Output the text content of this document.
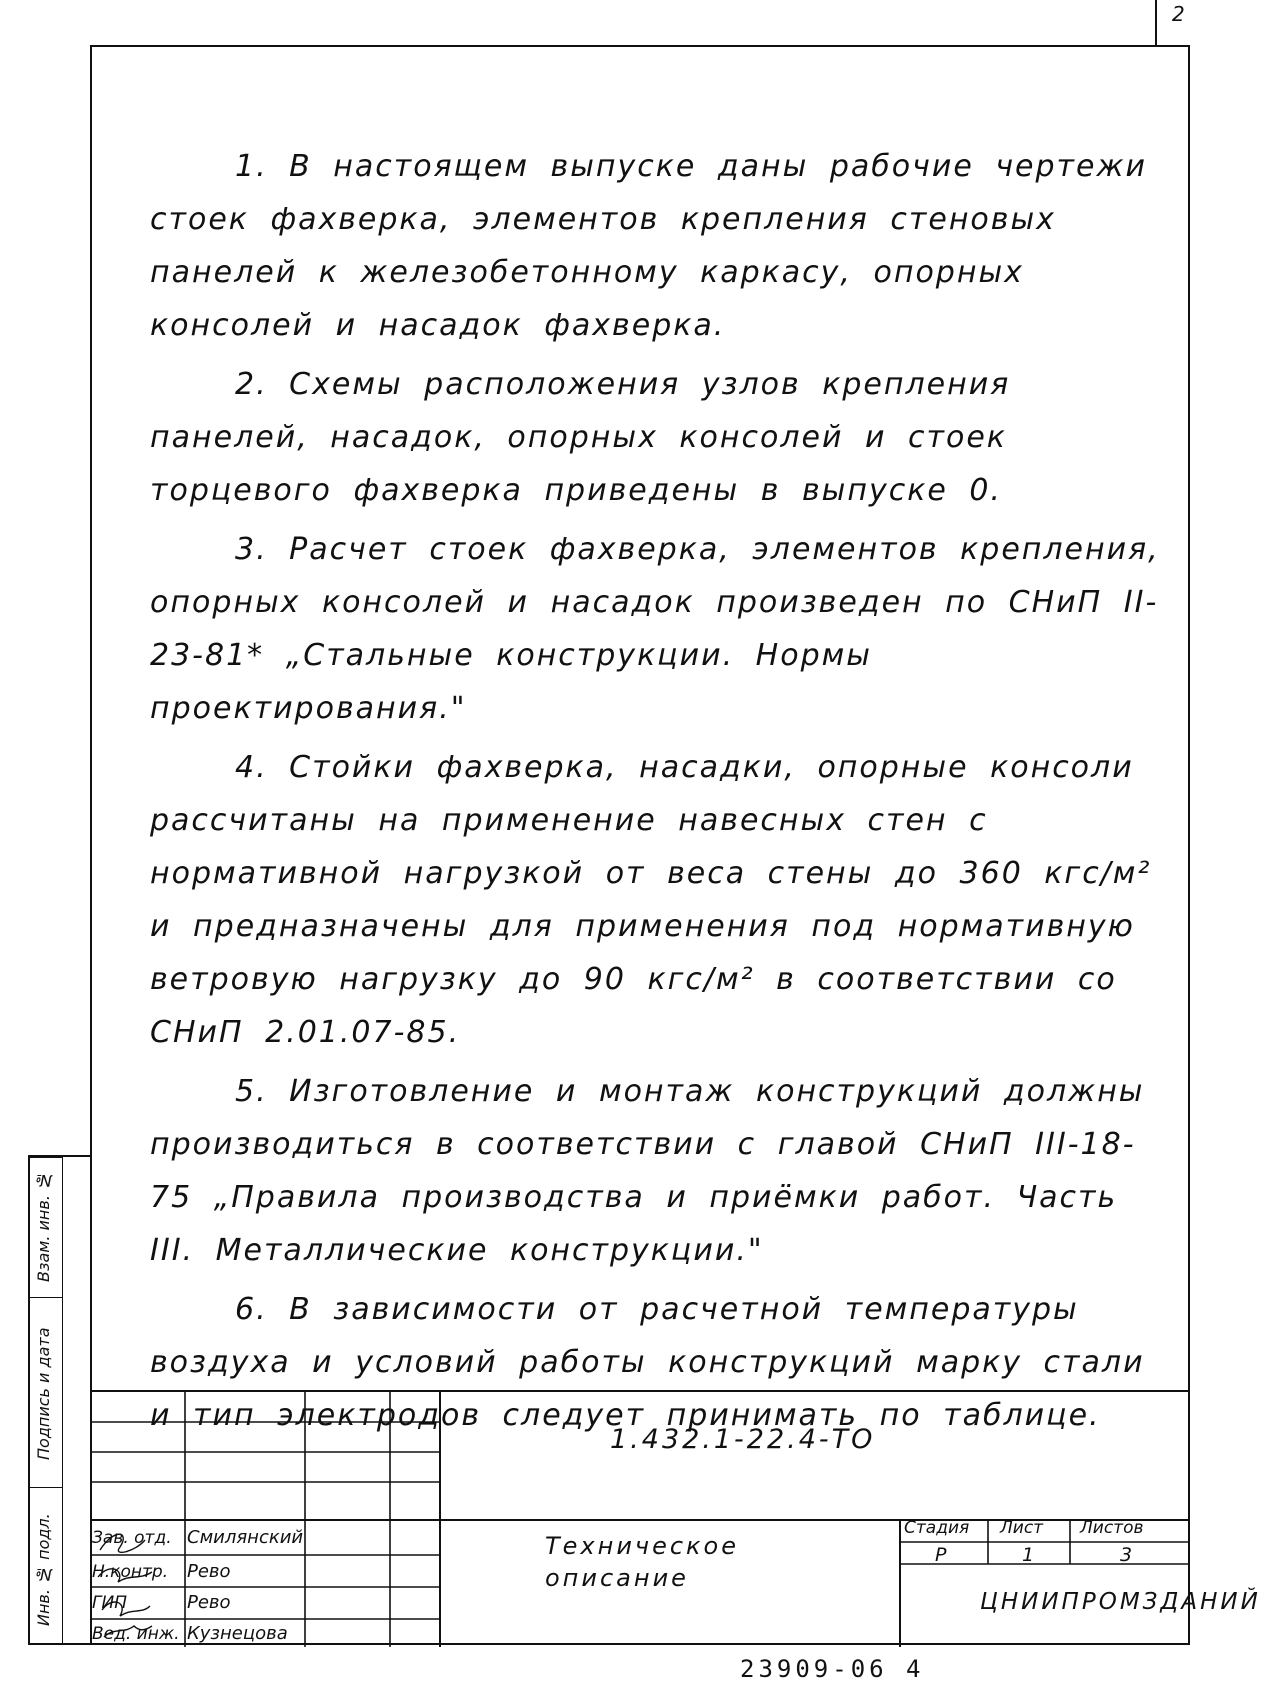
2

1. В настоящем выпуске даны рабочие чертежи стоек фахверка, элементов крепления стеновых панелей к железобетонному каркасу, опорных консолей и насадок фахверка.

2. Схемы расположения узлов крепления панелей, насадок, опорных консолей и стоек торцевого фахверка приведены в выпуске 0.

3. Расчет стоек фахверка, элементов крепления, опорных консолей и насадок произведен по СНиП II-23-81* „Стальные конструкции. Нормы проектирования."

4. Стойки фахверка, насадки, опорные консоли рассчитаны на применение навесных стен с нормативной нагрузкой от веса стены до 360 кгс/м² и предназначены для применения под нормативную ветровую нагрузку до 90 кгс/м² в соответствии со СНиП 2.01.07-85.

5. Изготовление и монтаж конструкций должны производиться в соответствии с главой СНиП III-18-75 „Правила производства и приёмки работ. Часть III. Металлические конструкции."

6. В зависимости от расчетной температуры воздуха и условий работы конструкций марку стали и тип электродов следует принимать по таблице.

Инв. № подл.
Подпись и дата
Взам. инв. №
1.432.1-22.4-ТО
Техническое
описание
Стадия Лист Листов
Р	1	3
ЦНИИПРОМЗДАНИЙ
Зав. отд. Смилянский
Н.контр. Рево
ГИП	Рево
Вед. инж. Кузнецова
23909-06 4
